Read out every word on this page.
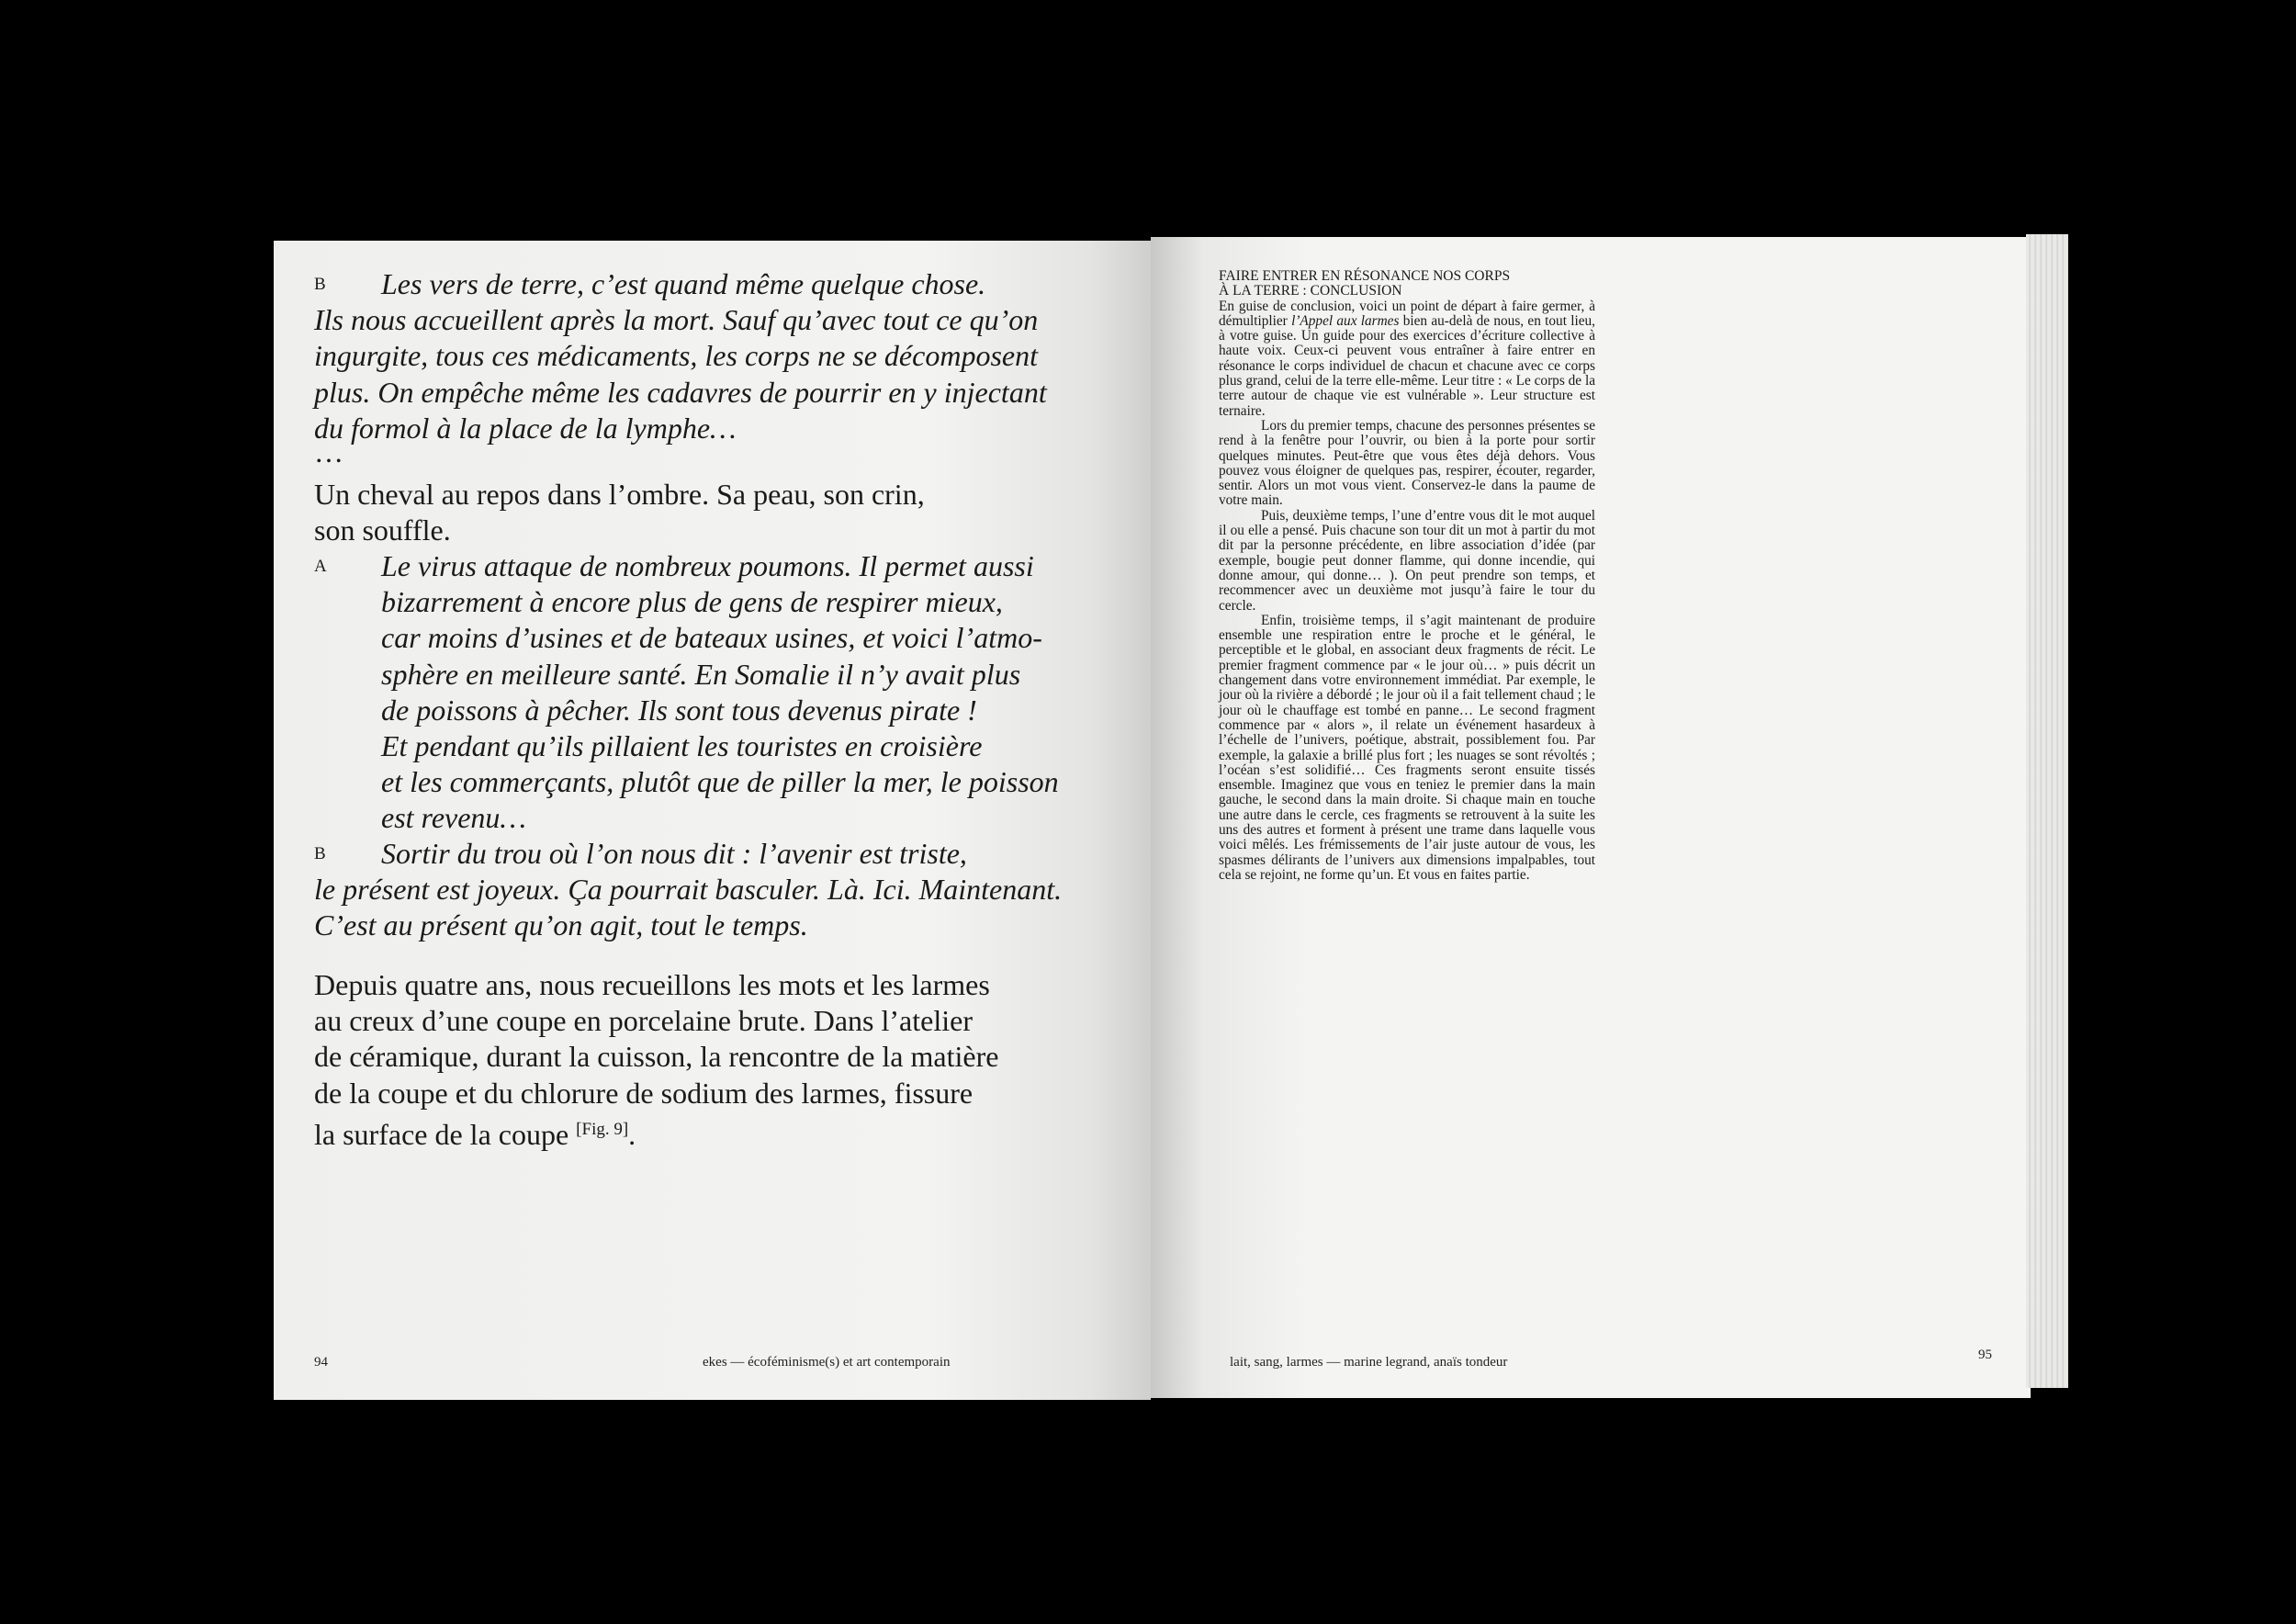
B	Les vers de terre, c’est quand même quelque chose.
Ils nous accueillent après la mort. Sauf qu’avec tout ce qu’on
ingurgite, tous ces médicaments, les corps ne se décomposent
plus. On empêche même les cadavres de pourrir en y injectant
du formol à la place de la lymphe…
…
Un cheval au repos dans l’ombre. Sa peau, son crin,
son souffle.
A Le virus attaque de nombreux poumons. Il permet aussi
bizarrement à encore plus de gens de respirer mieux,
car moins d’usines et de bateaux usines, et voici l’atmo-
sphère en meilleure santé. En Somalie il n’y avait plus
de poissons à pêcher. Ils sont tous devenus pirate !
Et pendant qu’ils pillaient les touristes en croisière
et les commerçants, plutôt que de piller la mer, le poisson
est revenu…
B	Sortir du trou où l’on nous dit : l’avenir est triste,
le présent est joyeux. Ça pourrait basculer. Là. Ici. Maintenant.
C’est au présent qu’on agit, tout le temps.
Depuis quatre ans, nous recueillons les mots et les larmes
au creux d’une coupe en porcelaine brute. Dans l’atelier
de céramique, durant la cuisson, la rencontre de la matière
de la coupe et du chlorure de sodium des larmes, fissure
la surface de la coupe [Fig. 9].
94	ekes — écoféminisme(s) et art contemporain
FAIRE ENTRER EN RÉSONANCE NOS CORPS
À LA TERRE : CONCLUSION

En guise de conclusion, voici un point de départ à faire germer, à démultiplier l’Appel aux larmes bien au-delà de nous, en tout lieu, à votre guise. Un guide pour des exercices d’écriture collective à haute voix. Ceux-ci peuvent vous entraîner à faire entrer en résonance le corps individuel de chacun et chacune avec ce corps plus grand, celui de la terre elle-même. Leur titre : « Le corps de la terre autour de chaque vie est vulnérable ». Leur structure est ternaire.

Lors du premier temps, chacune des personnes présentes se rend à la fenêtre pour l’ouvrir, ou bien à la porte pour sortir quelques minutes. Peut-être que vous êtes déjà dehors. Vous pouvez vous éloigner de quelques pas, respirer, écouter, regarder, sentir. Alors un mot vous vient. Conservez-le dans la paume de votre main.

Puis, deuxième temps, l’une d’entre vous dit le mot auquel il ou elle a pensé. Puis chacune son tour dit un mot à partir du mot dit par la personne précédente, en libre association d’idée (par exemple, bougie peut donner flamme, qui donne incendie, qui donne amour, qui donne… ). On peut prendre son temps, et recommencer avec un deuxième mot jusqu’à faire le tour du cercle.

Enfin, troisième temps, il s’agit maintenant de produire ensemble une respiration entre le proche et le général, le perceptible et le global, en associant deux fragments de récit. Le premier fragment commence par « le jour où… » puis décrit un changement dans votre environnement immédiat. Par exemple, le jour où la rivière a débordé ; le jour où il a fait tellement chaud ; le jour où le chauffage est tombé en panne… Le second fragment commence par « alors », il relate un événement hasardeux à l’échelle de l’univers, poétique, abstrait, possiblement fou. Par exemple, la galaxie a brillé plus fort ; les nuages se sont révoltés ; l’océan s’est solidifié… Ces fragments seront ensuite tissés ensemble. Imaginez que vous en teniez le premier dans la main gauche, le second dans la main droite. Si chaque main en touche une autre dans le cercle, ces fragments se retrouvent à la suite les uns des autres et forment à présent une trame dans laquelle vous voici mêlés. Les frémissements de l’air juste autour de vous, les spasmes délirants de l’univers aux dimensions impalpables, tout cela se rejoint, ne forme qu’un. Et vous en faites partie.

lait, sang, larmes — marine legrand, anaïs tondeur	95
